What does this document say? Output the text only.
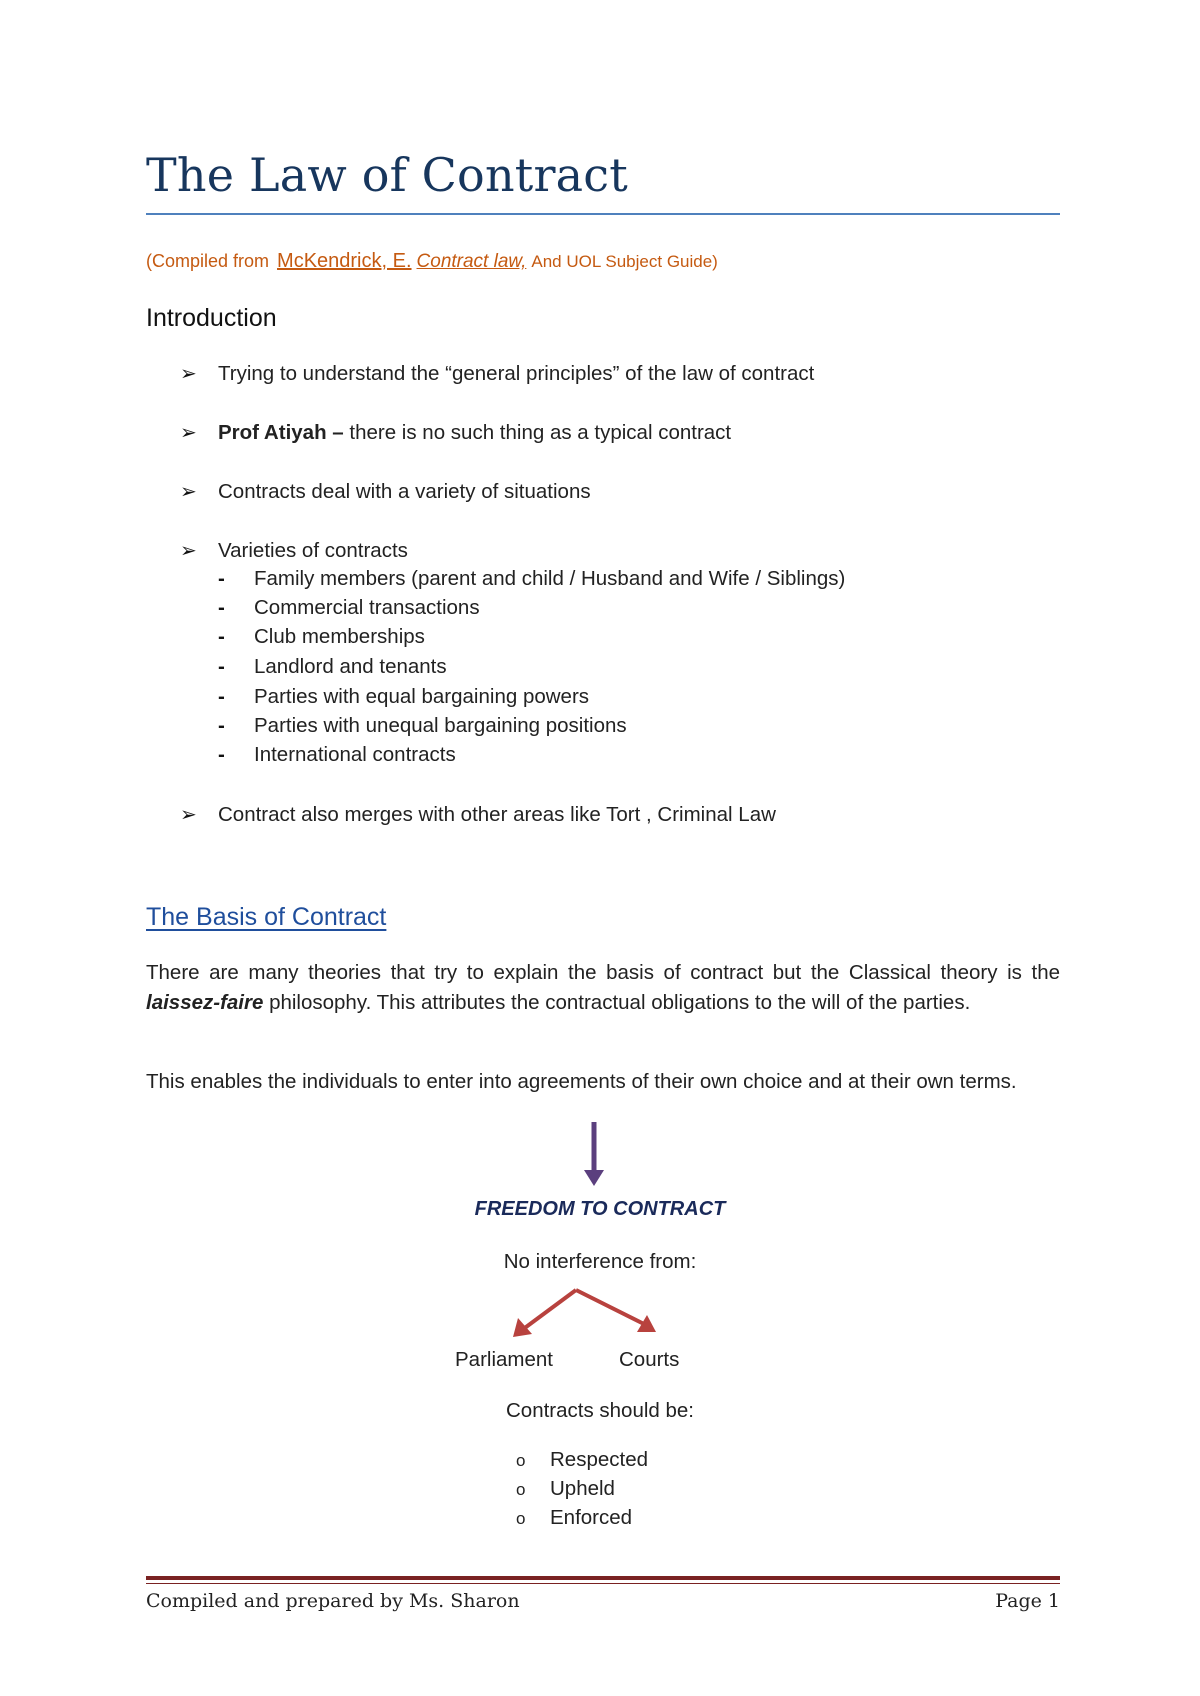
The Law of Contract
(Compiled from McKendrick, E. Contract law, And UOL Subject Guide)
Introduction
➢ Trying to understand the “general principles” of the law of contract
➢ Prof Atiyah – there is no such thing as a typical contract
➢ Contracts deal with a variety of situations
➢ Varieties of contracts
- Family members (parent and child / Husband and Wife / Siblings)
- Commercial transactions
- Club memberships
- Landlord and tenants
- Parties with equal bargaining powers
- Parties with unequal bargaining positions
- International contracts
➢ Contract also merges with other areas like Tort , Criminal Law
The Basis of Contract
There are many theories that try to explain the basis of contract but the Classical theory is the laissez-faire philosophy. This attributes the contractual obligations to the will of the parties.
This enables the individuals to enter into agreements of their own choice and at their own terms.
FREEDOM TO CONTRACT
No interference from:
Parliament	Courts
Contracts should be:
o Respected
o Upheld
o Enforced
Compiled and prepared by Ms. Sharon	Page 1
